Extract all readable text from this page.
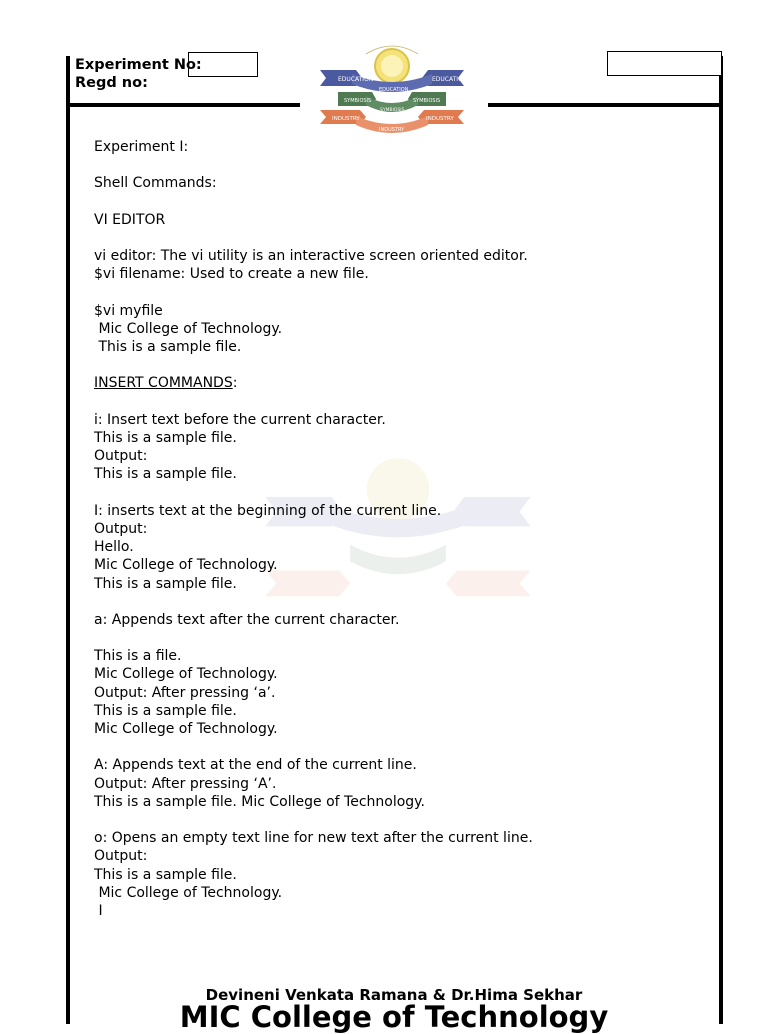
Experiment No:
Regd no:	EDUCATION	EDUCATION
EDUCATION
SYMBIOSIS	SYMBIOSIS
SYMBIOSIS
INDUSTRY	INDUSTRY
INDUSTRY
Experiment I:
Shell Commands:
VI EDITOR
vi editor: The vi utility is an interactive screen oriented editor.
$vi filename: Used to create a new file.
$vi myfile
Mic College of Technology.
This is a sample file.
INSERT COMMANDS:
i: Insert text before the current character.
This is a sample file.
Output:
This is a sample file.
I: inserts text at the beginning of the current line.
Output:
Hello.
Mic College of Technology.
This is a sample file.
a: Appends text after the current character.
This is a file.
Mic College of Technology.
Output: After pressing ‘a’.
This is a sample file.
Mic College of Technology.
A: Appends text at the end of the current line.
Output: After pressing ‘A’.
This is a sample file. Mic College of Technology.
o: Opens an empty text line for new text after the current line.
Output:
This is a sample file.
Mic College of Technology.
I
Devineni Venkata Ramana & Dr.Hima Sekhar
MIC College of Technology
